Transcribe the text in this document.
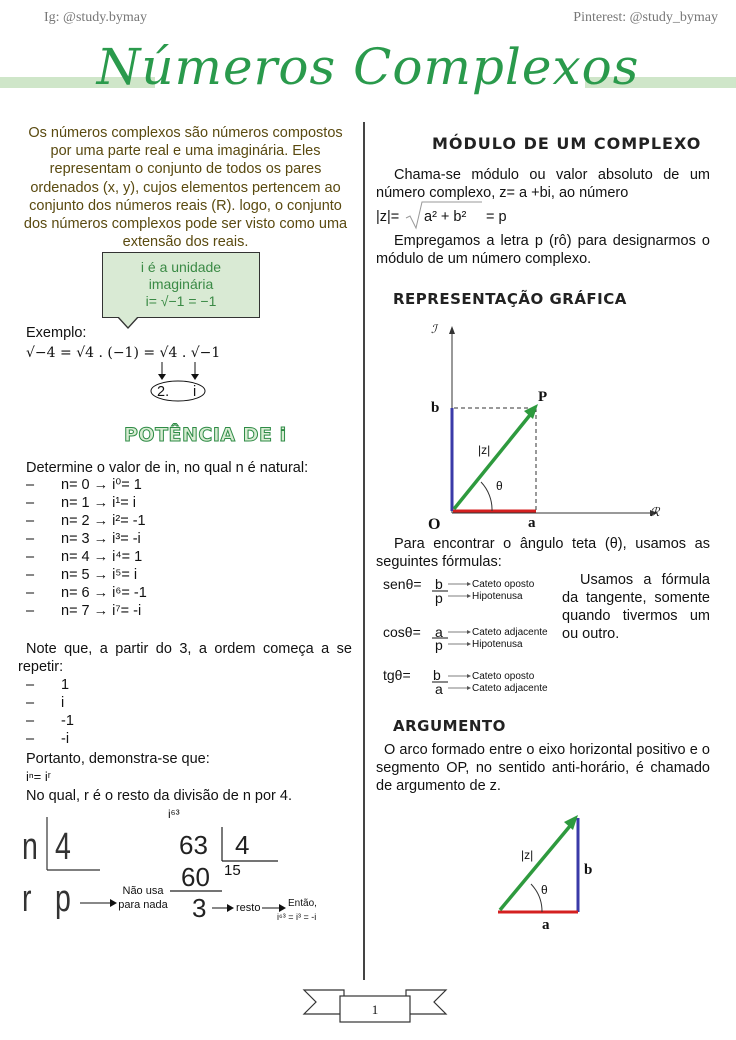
Ig: @study.bymay	Pinterest: @study_bymay
Números Complexos
Os números complexos são números compostos por uma parte real e uma imaginária. Eles representam o conjunto de todos os pares ordenados (x, y), cujos elementos pertencem ao conjunto dos números reais (R). logo, o conjunto dos números complexos pode ser visto como uma extensão dos reais.
i é a unidade
imaginária
i= √−1 = −1
Exemplo:
√−4 = √4 . (−1) = √4 . √−1
2. i
POTÊNCIA DE i
Determine o valor de in, no qual n é natural:
– n= 0 → i⁰= 1
– n= 1 → i¹= i
– n= 2 → i²= -1
– n= 3 → i³= -i
– n= 4 → i⁴= 1
– n= 5 → i⁵= i
– n= 6 → i⁶= -1
– n= 7 → i⁷= -i
Note que, a partir do 3, a ordem começa a se repetir:
– 1
– i
– -1
– -i
Portanto, demonstra-se que:
iⁿ= iʳ
No qual, r é o resto da divisão de n por 4.
i⁶³
n 4
r p	Não usa
para nada
63 4
60 15
3	resto	Então,
i⁶³ = i³ = -i
MÓDULO DE UM COMPLEXO
Chama-se módulo ou valor absoluto de um número complexo, z= a +bi, ao número
|z|= a² + b² = p
Empregamos a letra p (rô) para designarmos o módulo de um número complexo.
REPRESENTAÇÃO GRÁFICA
ℐ
ℛ
b
P
O	a
|z|
θ
Para encontrar o ângulo teta (θ), usamos as seguintes fórmulas:
senθ= b
p
Cateto oposto
Hipotenusa
cosθ= a
p
Cateto adjacente
Hipotenusa
tgθ= b
a
Cateto oposto
Cateto adjacente
Usamos a fórmula da tangente, somente quando tivermos um ou outro.
ARGUMENTO
O arco formado entre o eixo horizontal positivo e o segmento OP, no sentido anti-horário, é chamado de argumento de z.
|z|
θ
b
a
1
